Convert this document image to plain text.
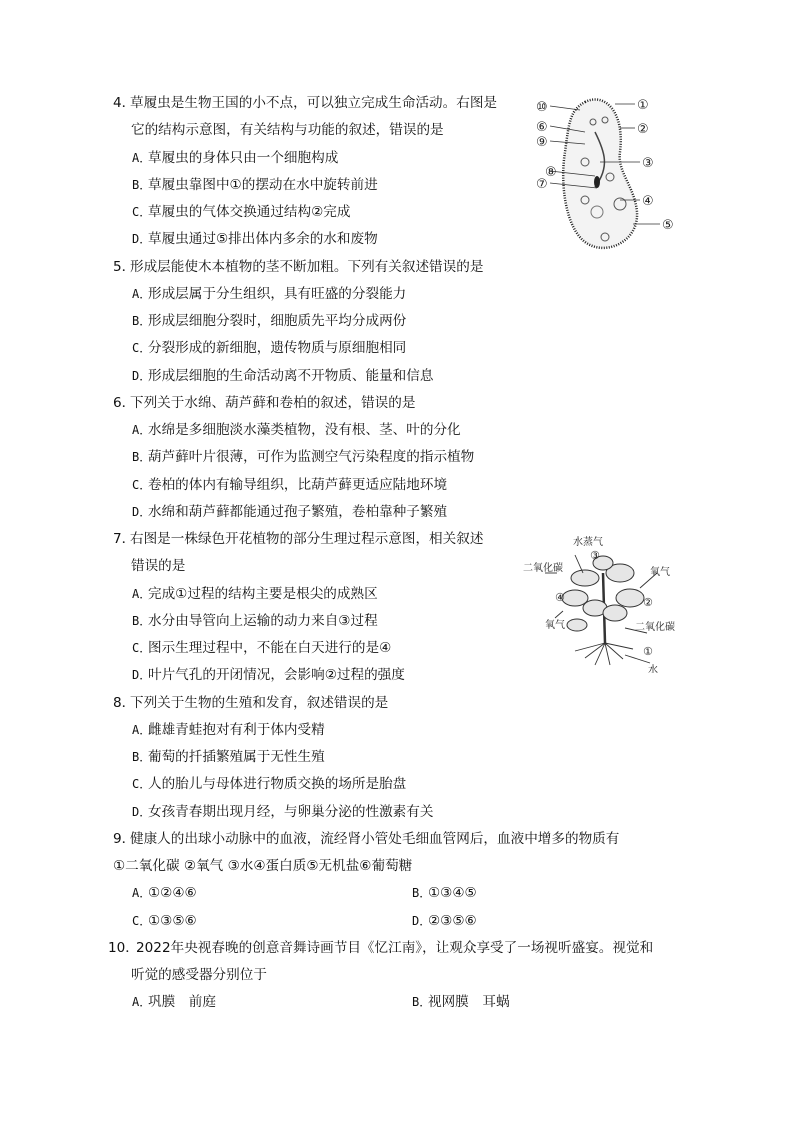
4．
草履虫是生物王国的小不点，可以独立完成生命活动。右图是
它的结构示意图，有关结构与功能的叙述，错误的是
A．
草履虫的身体只由一个细胞构成
B．
草履虫靠图中①的摆动在水中旋转前进
C．
草履虫的气体交换通过结构②完成
D．
草履虫通过⑤排出体内多余的水和废物
5．
形成层能使木本植物的茎不断加粗。下列有关叙述错误的是
A．
形成层属于分生组织，具有旺盛的分裂能力
B．
形成层细胞分裂时，细胞质先平均分成两份
C．
分裂形成的新细胞，遗传物质与原细胞相同
D．
形成层细胞的生命活动离不开物质、能量和信息
6．
下列关于水绵、葫芦藓和卷柏的叙述，错误的是
A．
水绵是多细胞淡水藻类植物，没有根、茎、叶的分化
B．
葫芦藓叶片很薄，可作为监测空气污染程度的指示植物
C．
卷柏的体内有输导组织，比葫芦藓更适应陆地环境
D．
水绵和葫芦藓都能通过孢子繁殖，卷柏靠种子繁殖
7．
右图是一株绿色开花植物的部分生理过程示意图，相关叙述
错误的是
A．
完成①过程的结构主要是根尖的成熟区
B．
水分由导管向上运输的动力来自③过程
C．
图示生理过程中，不能在白天进行的是④
D．
叶片气孔的开闭情况，会影响②过程的强度
8．
下列关于生物的生殖和发育，叙述错误的是
A．
雌雄青蛙抱对有利于体内受精
B．
葡萄的扦插繁殖属于无性生殖
C．
人的胎儿与母体进行物质交换的场所是胎盘
D．
女孩青春期出现月经，与卵巢分泌的性激素有关
9．
健康人的出球小动脉中的血液，流经肾小管处毛细血管网后，血液中增多的物质有
①二氧化碳 ②氧气 ③水④蛋白质⑤无机盐⑥葡萄糖
A．
①②④⑥	B．
①③④⑤
C．
①③⑤⑥	D．
②③⑤⑥
10．
2022年央视春晚的创意音舞诗画节目《忆江南》，让观众享受了一场视听盛宴。视觉和
听觉的感受器分别位于
A．
巩膜　前庭	B．
视网膜　耳蜗
①
②
③
④
⑤
⑥
⑦
⑧
⑨
⑩
水蒸气
二氧化碳	氧气
氧气	二氧化碳
水
①
②
③
④
